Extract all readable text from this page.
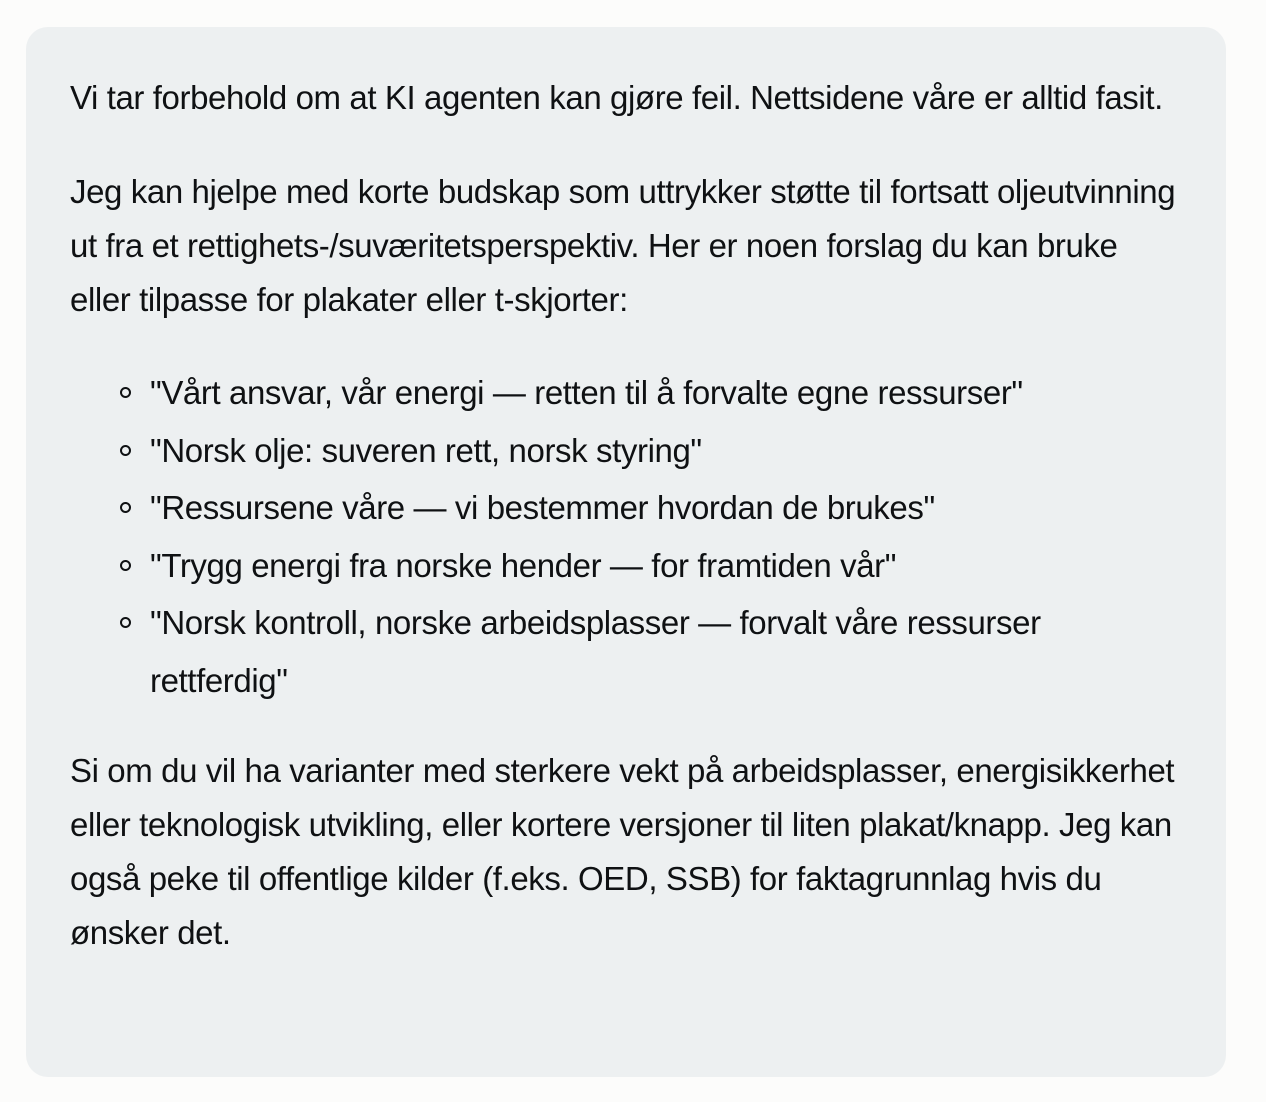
Vi tar forbehold om at KI agenten kan gjøre feil. Nettsidene våre er alltid fasit.

Jeg kan hjelpe med korte budskap som uttrykker støtte til fortsatt oljeutvinning ut fra et rettighets-/suværitetsperspektiv. Her er noen forslag du kan bruke eller tilpasse for plakater eller t-skjorter:

"Vårt ansvar, vår energi — retten til å forvalte egne ressurser"
"Norsk olje: suveren rett, norsk styring"
"Ressursene våre — vi bestemmer hvordan de brukes"
"Trygg energi fra norske hender — for framtiden vår"
"Norsk kontroll, norske arbeidsplasser — forvalt våre ressurser rettferdig"

Si om du vil ha varianter med sterkere vekt på arbeidsplasser, energisikkerhet eller teknologisk utvikling, eller kortere versjoner til liten plakat/knapp. Jeg kan også peke til offentlige kilder (f.eks. OED, SSB) for faktagrunnlag hvis du ønsker det.
